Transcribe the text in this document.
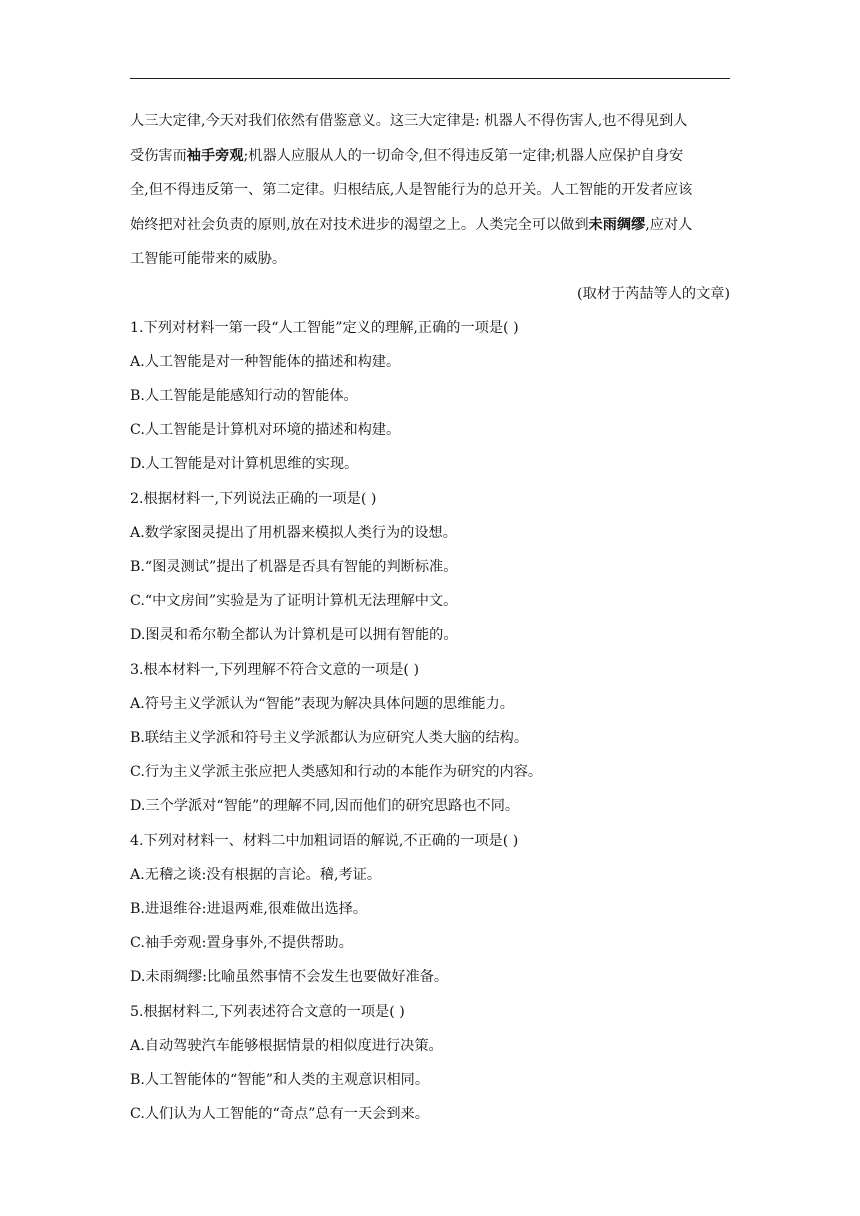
人三大定律,今天对我们依然有借鉴意义。这三大定律是: 机器人不得伤害人,也不得见到人

受伤害而袖手旁观;机器人应服从人的一切命令,但不得违反第一定律;机器人应保护自身安

全,但不得违反第一、第二定律。归根结底,人是智能行为的总开关。人工智能的开发者应该

始终把对社会负责的原则,放在对技术进步的渴望之上。人类完全可以做到未雨绸缪,应对人

工智能可能带来的威胁。

(取材于芮喆等人的文章)
1.下列对材料一第一段“人工智能”定义的理解,正确的一项是( )
A.人工智能是对一种智能体的描述和构建。
B.人工智能是能感知行动的智能体。
C.人工智能是计算机对环境的描述和构建。
D.人工智能是对计算机思维的实现。
2.根据材料一,下列说法正确的一项是( )
A.数学家图灵提出了用机器来模拟人类行为的设想。
B.“图灵测试”提出了机器是否具有智能的判断标准。
C.“中文房间”实验是为了证明计算机无法理解中文。
D.图灵和希尔勒全都认为计算机是可以拥有智能的。
3.根本材料一,下列理解不符合文意的一项是( )
A.符号主义学派认为“智能”表现为解决具体问题的思维能力。
B.联结主义学派和符号主义学派都认为应研究人类大脑的结构。
C.行为主义学派主张应把人类感知和行动的本能作为研究的内容。
D.三个学派对“智能”的理解不同,因而他们的研究思路也不同。
4.下列对材料一、材料二中加粗词语的解说,不正确的一项是( )
A.无稽之谈:没有根据的言论。稽,考证。
B.进退维谷:进退两难,很难做出选择。
C.袖手旁观:置身事外,不提供帮助。
D.未雨绸缪:比喻虽然事情不会发生也要做好准备。
5.根据材料二,下列表述符合文意的一项是( )
A.自动驾驶汽车能够根据情景的相似度进行决策。
B.人工智能体的“智能”和人类的主观意识相同。
C.人们认为人工智能的“奇点”总有一天会到来。
